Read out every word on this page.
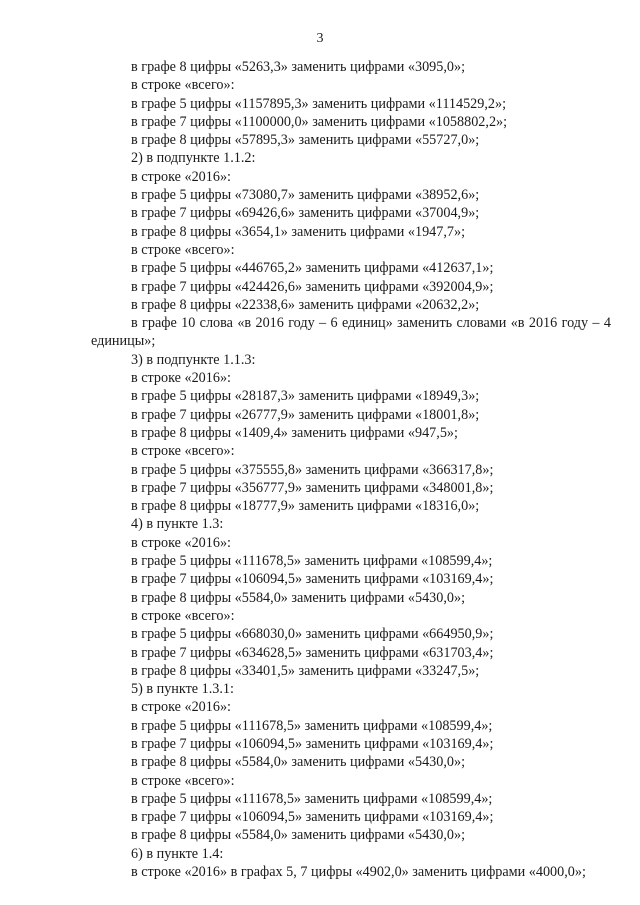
3

в графе 8 цифры «5263,3» заменить цифрами «3095,0»;

в строке «всего»:

в графе 5 цифры «1157895,3» заменить цифрами «1114529,2»;

в графе 7 цифры «1100000,0» заменить цифрами «1058802,2»;

в графе 8 цифры «57895,3» заменить цифрами «55727,0»;

2) в подпункте 1.1.2:

в строке «2016»:

в графе 5 цифры «73080,7» заменить цифрами «38952,6»;

в графе 7 цифры «69426,6» заменить цифрами «37004,9»;

в графе 8 цифры «3654,1» заменить цифрами «1947,7»;

в строке «всего»:

в графе 5 цифры «446765,2» заменить цифрами «412637,1»;

в графе 7 цифры «424426,6» заменить цифрами «392004,9»;

в графе 8 цифры «22338,6» заменить цифрами «20632,2»;

в графе 10 слова «в 2016 году – 6 единиц» заменить словами «в 2016 году – 4 единицы»;

3) в подпункте 1.1.3:

в строке «2016»:

в графе 5 цифры «28187,3» заменить цифрами «18949,3»;

в графе 7 цифры «26777,9» заменить цифрами «18001,8»;

в графе 8 цифры «1409,4» заменить цифрами «947,5»;

в строке «всего»:

в графе 5 цифры «375555,8» заменить цифрами «366317,8»;

в графе 7 цифры «356777,9» заменить цифрами «348001,8»;

в графе 8 цифры «18777,9» заменить цифрами «18316,0»;

4) в пункте 1.3:

в строке «2016»:

в графе 5 цифры «111678,5» заменить цифрами «108599,4»;

в графе 7 цифры «106094,5» заменить цифрами «103169,4»;

в графе 8 цифры «5584,0» заменить цифрами «5430,0»;

в строке «всего»:

в графе 5 цифры «668030,0» заменить цифрами «664950,9»;

в графе 7 цифры «634628,5» заменить цифрами «631703,4»;

в графе 8 цифры «33401,5» заменить цифрами «33247,5»;

5) в пункте 1.3.1:

в строке «2016»:

в графе 5 цифры «111678,5» заменить цифрами «108599,4»;

в графе 7 цифры «106094,5» заменить цифрами «103169,4»;

в графе 8 цифры «5584,0» заменить цифрами «5430,0»;

в строке «всего»:

в графе 5 цифры «111678,5» заменить цифрами «108599,4»;

в графе 7 цифры «106094,5» заменить цифрами «103169,4»;

в графе 8 цифры «5584,0» заменить цифрами «5430,0»;

6) в пункте 1.4:

в строке «2016» в графах 5, 7 цифры «4902,0» заменить цифрами «4000,0»;
